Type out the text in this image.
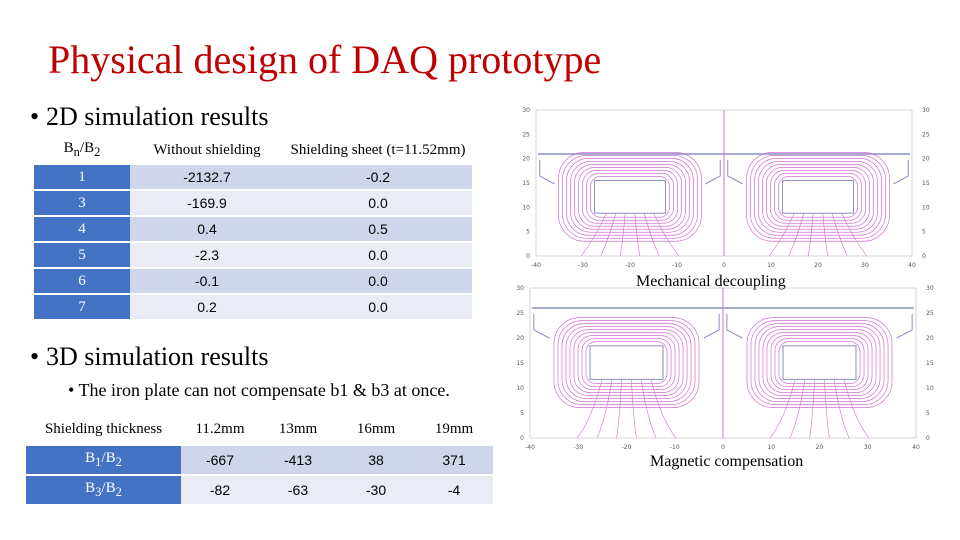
Physical design of DAQ prototype
• 2D simulation results
$B_n/B_2$	Without shielding	Shielding sheet (t=11.52mm)
1	-2132.7	-0.2
3	-169.9	0.0
4	0.4	0.5
5	-2.3	0.0
6	-0.1	0.0
7	0.2	0.0
• 3D simulation results
• The iron plate can not compensate b1 & b3 at once.
Shielding thickness	11.2mm	13mm	16mm	19mm
$B_1/B_2$	-667	-413	38	371
$B_3/B_2$	-82	-63	-30	-4
-40	-30	-20	-10	0	10	20	30	40
0	0
5	5
10	10
15	15
20	20
25	25
30	30
Mechanical decoupling
-40	-30	-20	-10	0	10	20	30	40
0	0
5	5
10	10
15	15
20	20
25	25
30	30
Magnetic compensation
